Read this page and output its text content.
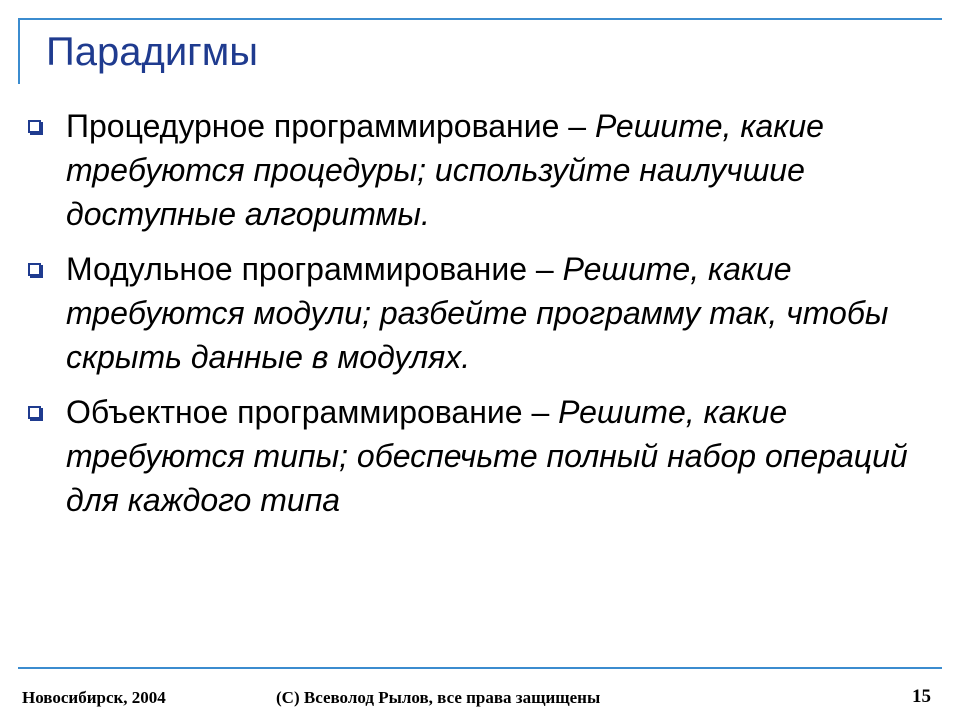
Парадигмы
Процедурное программирование – Решите, какие требуются процедуры; используйте наилучшие доступные алгоритмы.
Модульное программирование – Решите, какие требуются модули; разбейте программу так, чтобы скрыть данные в модулях.
Объектное программирование – Решите, какие требуются типы; обеспечьте полный набор операций для каждого типа
Новосибирск, 2004	(С) Всеволод Рылов, все права защищены	15
